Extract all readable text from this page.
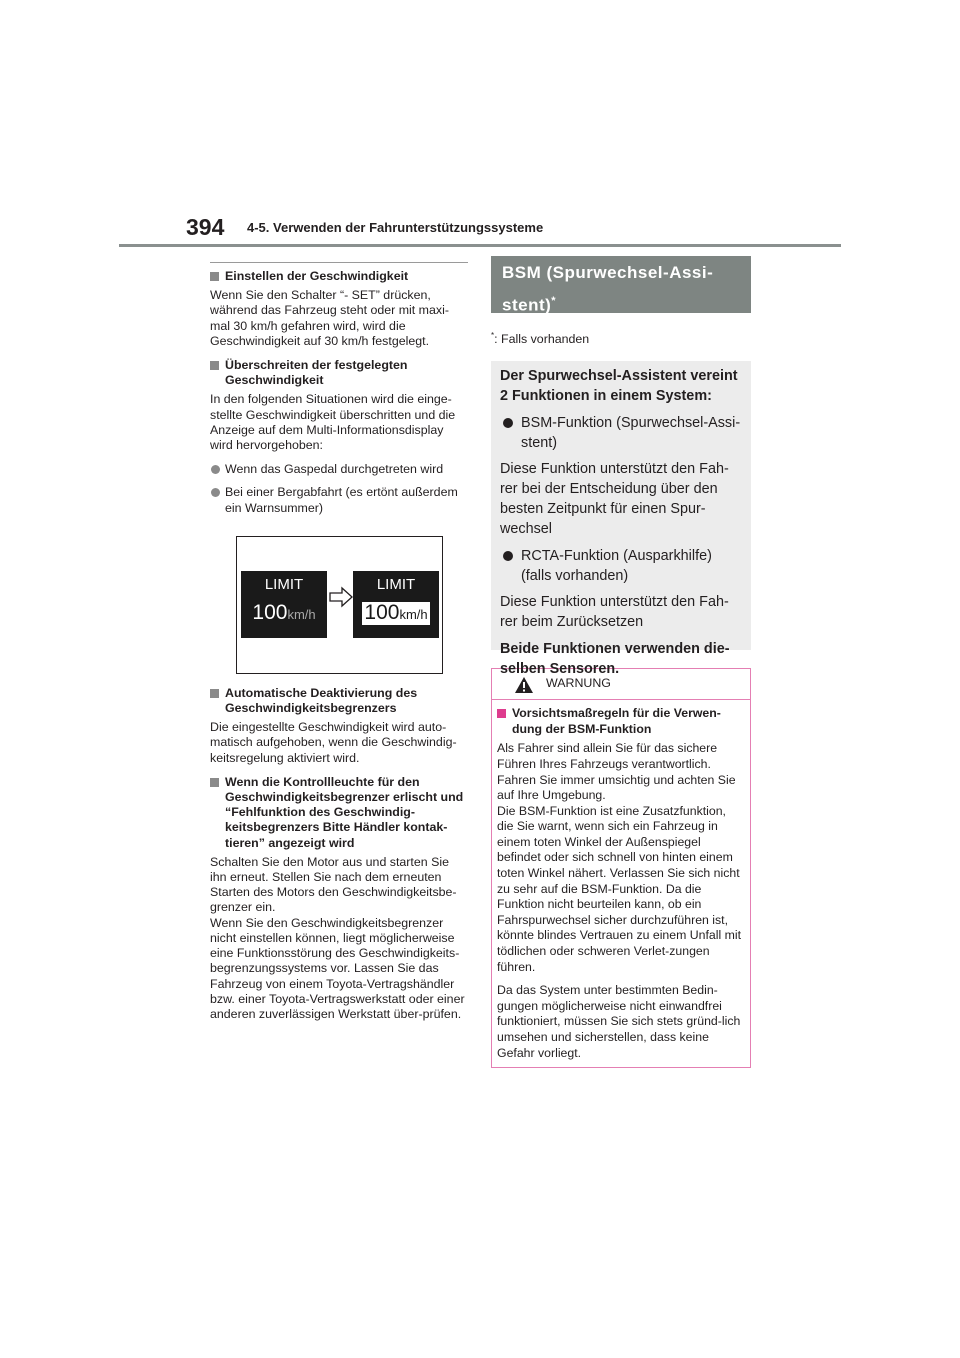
394 4-5. Verwenden der Fahrunterstützungssysteme
Einstellen der Geschwindigkeit
Wenn Sie den Schalter “- SET” drücken, während das Fahrzeug steht oder mit maxi-mal 30 km/h gefahren wird, wird die Geschwindigkeit auf 30 km/h festgelegt.
Überschreiten der festgelegten Geschwindigkeit
In den folgenden Situationen wird die einge-stellte Geschwindigkeit überschritten und die Anzeige auf dem Multi-Informationsdisplay wird hervorgehoben:
Wenn das Gaspedal durchgetreten wird
Bei einer Bergabfahrt (es ertönt außerdem ein Warnsummer)
LIMIT
100km/h
LIMIT
100km/h
Automatische Deaktivierung des Geschwindigkeitsbegrenzers
Die eingestellte Geschwindigkeit wird auto-matisch aufgehoben, wenn die Geschwindig-keitsregelung aktiviert wird.
Wenn die Kontrollleuchte für den Geschwindigkeitsbegrenzer erlischt und “Fehlfunktion des Geschwindig-keitsbegrenzers Bitte Händler kontak-tieren” angezeigt wird
Schalten Sie den Motor aus und starten Sie ihn erneut. Stellen Sie nach dem erneuten Starten des Motors den Geschwindigkeitsbe-grenzer ein.
Wenn Sie den Geschwindigkeitsbegrenzer nicht einstellen können, liegt möglicherweise eine Funktionsstörung des Geschwindigkeits-begrenzungssystems vor. Lassen Sie das Fahrzeug von einem Toyota-Vertragshändler bzw. einer Toyota-Vertragswerkstatt oder einer anderen zuverlässigen Werkstatt über-prüfen.
BSM (Spurwechsel-Assi-stent)*
*: Falls vorhanden
Der Spurwechsel-Assistent vereint 2 Funktionen in einem System:
BSM-Funktion (Spurwechsel-Assi-stent)
Diese Funktion unterstützt den Fah-rer bei der Entscheidung über den besten Zeitpunkt für einen Spur-wechsel
RCTA-Funktion (Ausparkhilfe) (falls vorhanden)
Diese Funktion unterstützt den Fah-rer beim Zurücksetzen
Beide Funktionen verwenden die-selben Sensoren.
WARNUNG
Vorsichtsmaßregeln für die Verwen-dung der BSM-Funktion
Als Fahrer sind allein Sie für das sichere Führen Ihres Fahrzeugs verantwortlich. Fahren Sie immer umsichtig und achten Sie auf Ihre Umgebung.
Die BSM-Funktion ist eine Zusatzfunktion, die Sie warnt, wenn sich ein Fahrzeug in einem toten Winkel der Außenspiegel befindet oder sich schnell von hinten einem toten Winkel nähert. Verlassen Sie sich nicht zu sehr auf die BSM-Funktion. Da die Funktion nicht beurteilen kann, ob ein Fahrspurwechsel sicher durchzuführen ist, könnte blindes Vertrauen zu einem Unfall mit tödlichen oder schweren Verlet-zungen führen.
Da das System unter bestimmten Bedin-gungen möglicherweise nicht einwandfrei funktioniert, müssen Sie sich stets gründ-lich umsehen und sicherstellen, dass keine Gefahr vorliegt.
